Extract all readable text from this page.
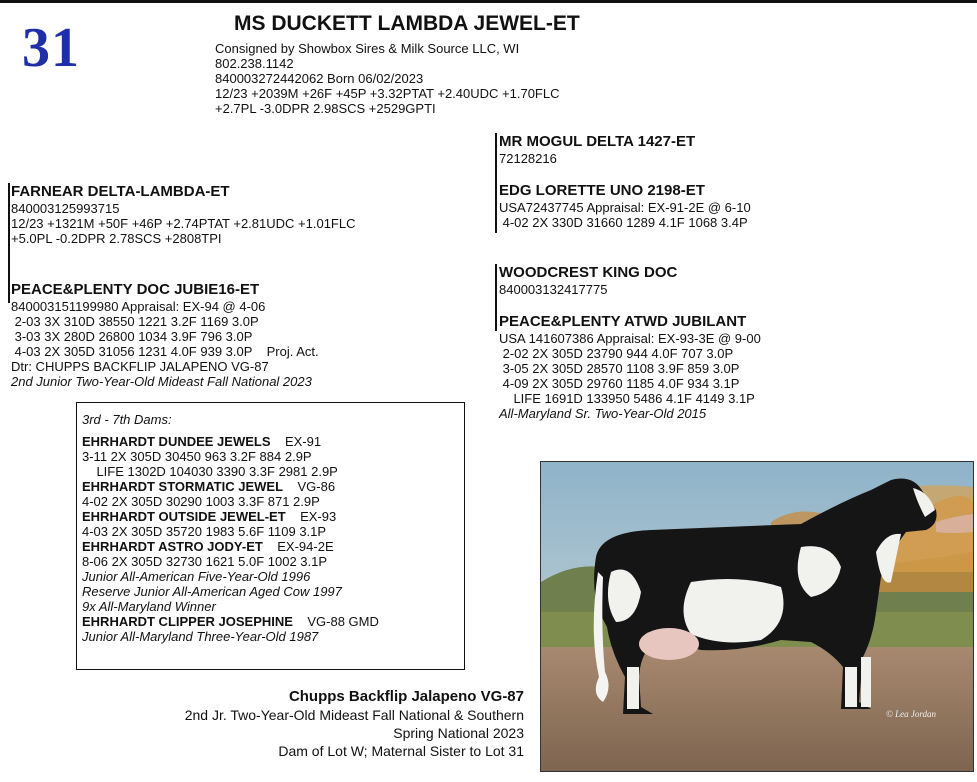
31	MS DUCKETT LAMBDA JEWEL-ET
Consigned by Showbox Sires & Milk Source LLC, WI
802.238.1142
840003272442062 Born 06/02/2023
12/23 +2039M +26F +45P +3.32PTAT +2.40UDC +1.70FLC
+2.7PL -3.0DPR 2.98SCS +2529GPTI
MR MOGUL DELTA 1427-ET
72128216
FARNEAR DELTA-LAMBDA-ET
840003125993715
12/23 +1321M +50F +46P +2.74PTAT +2.81UDC +1.01FLC
+5.0PL -0.2DPR 2.78SCS +2808TPI
EDG LORETTE UNO 2198-ET
USA72437745 Appraisal: EX-91-2E @ 6-10
4-02 2X 330D 31660 1289 4.1F 1068 3.4P
WOODCREST KING DOC
840003132417775
PEACE&PLENTY DOC JUBIE16-ET
840003151199980 Appraisal: EX-94 @ 4-06
2-03 3X 310D 38550 1221 3.2F 1169 3.0P
3-03 3X 280D 26800 1034 3.9F 796 3.0P
4-03 2X 305D 31056 1231 4.0F 939 3.0P    Proj. Act.
Dtr: CHUPPS BACKFLIP JALAPENO VG-87
2nd Junior Two-Year-Old Mideast Fall National 2023
PEACE&PLENTY ATWD JUBILANT
USA 141607386 Appraisal: EX-93-3E @ 9-00
2-02 2X 305D 23790 944 4.0F 707 3.0P
3-05 2X 305D 28570 1108 3.9F 859 3.0P
4-09 2X 305D 29760 1185 4.0F 934 3.1P
LIFE 1691D 133950 5486 4.1F 4149 3.1P
All-Maryland Sr. Two-Year-Old 2015
3rd - 7th Dams:
EHRHARDT DUNDEE JEWELS    EX-91
3-11 2X 305D 30450 963 3.2F 884 2.9P
LIFE 1302D 104030 3390 3.3F 2981 2.9P
EHRHARDT STORMATIC JEWEL    VG-86
4-02 2X 305D 30290 1003 3.3F 871 2.9P
EHRHARDT OUTSIDE JEWEL-ET    EX-93
4-03 2X 305D 35720 1983 5.6F 1109 3.1P
EHRHARDT ASTRO JODY-ET    EX-94-2E
8-06 2X 305D 32730 1621 5.0F 1002 3.1P
Junior All-American Five-Year-Old 1996
Reserve Junior All-American Aged Cow 1997
9x All-Maryland Winner
EHRHARDT CLIPPER JOSEPHINE    VG-88 GMD
Junior All-Maryland Three-Year-Old 1987
© Lea Jordan
Chupps Backflip Jalapeno VG-87
2nd Jr. Two-Year-Old Mideast Fall National & Southern
Spring National 2023
Dam of Lot W; Maternal Sister to Lot 31
